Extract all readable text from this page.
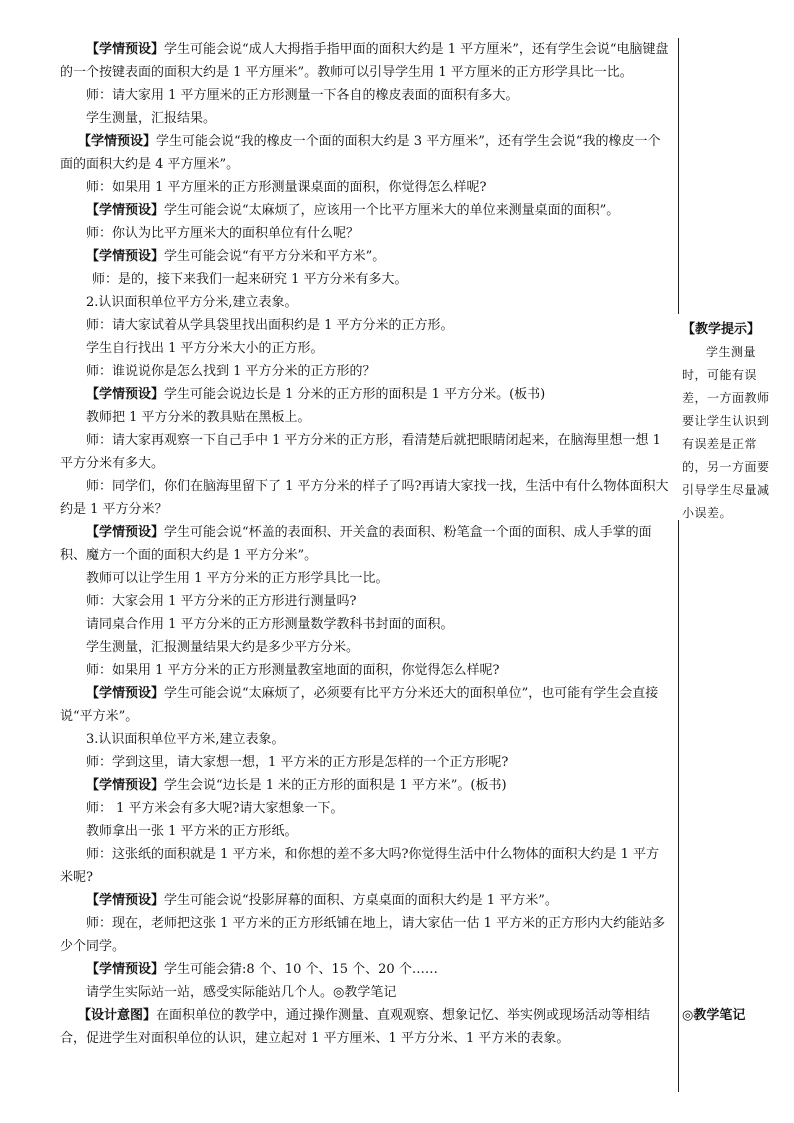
【学情预设】学生可能会说“成人大拇指手指甲面的面积大约是 1 平方厘米”，还有学生会说“电脑键盘的一个按键表面的面积大约是 1 平方厘米”。教师可以引导学生用 1 平方厘米的正方形学具比一比。

师：请大家用 1 平方厘米的正方形测量一下各自的橡皮表面的面积有多大。

学生测量，汇报结果。

【学情预设】学生可能会说“我的橡皮一个面的面积大约是 3 平方厘米”，还有学生会说“我的橡皮一个面的面积大约是 4 平方厘米”。

师：如果用 1 平方厘米的正方形测量课桌面的面积，你觉得怎么样呢?

【学情预设】学生可能会说“太麻烦了，应该用一个比平方厘米大的单位来测量桌面的面积”。

师：你认为比平方厘米大的面积单位有什么呢？

【学情预设】学生可能会说“有平方分米和平方米”。

师：是的，接下来我们一起来研究 1 平方分米有多大。

2.认识面积单位平方分米,建立表象。

师：请大家试着从学具袋里找出面积约是 1 平方分米的正方形。

学生自行找出 1 平方分米大小的正方形。

师：谁说说你是怎么找到 1 平方分米的正方形的？

【学情预设】学生可能会说边长是 1 分米的正方形的面积是 1 平方分米。(板书)

教师把 1 平方分米的教具贴在黑板上。

师：请大家再观察一下自己手中 1 平方分米的正方形，看清楚后就把眼睛闭起来，在脑海里想一想 1 平方分米有多大。

师：同学们，你们在脑海里留下了 1 平方分米的样子了吗?再请大家找一找，生活中有什么物体面积大约是 1 平方分米？

【学情预设】学生可能会说“杯盖的表面积、开关盒的表面积、粉笔盒一个面的面积、成人手掌的面积、魔方一个面的面积大约是 1 平方分米”。

教师可以让学生用 1 平方分米的正方形学具比一比。

师：大家会用 1 平方分米的正方形进行测量吗?

请同桌合作用 1 平方分米的正方形测量数学教科书封面的面积。

学生测量，汇报测量结果大约是多少平方分米。

师：如果用 1 平方分米的正方形测量教室地面的面积，你觉得怎么样呢?

【学情预设】学生可能会说“太麻烦了，必须要有比平方分米还大的面积单位”，也可能有学生会直接说“平方米”。

3.认识面积单位平方米,建立表象。

师：学到这里，请大家想一想，1 平方米的正方形是怎样的一个正方形呢?

【学情预设】学生会说“边长是 1 米的正方形的面积是 1 平方米”。(板书)

师： 1 平方米会有多大呢?请大家想象一下。

教师拿出一张 1 平方米的正方形纸。

师：这张纸的面积就是 1 平方米，和你想的差不多大吗?你觉得生活中什么物体的面积大约是 1 平方米呢?

【学情预设】学生可能会说“投影屏幕的面积、方桌桌面的面积大约是 1 平方米”。

师：现在，老师把这张 1 平方米的正方形纸铺在地上，请大家估一估 1 平方米的正方形内大约能站多少个同学。

【学情预设】学生可能会猜:8 个、10 个、15 个、20 个……

请学生实际站一站，感受实际能站几个人。◎教学笔记

【设计意图】在面积单位的教学中，通过操作测量、直观观察、想象记忆、举实例或现场活动等相结合，促进学生对面积单位的认识，建立起对 1 平方厘米、1 平方分米、1 平方米的表象。

【教学提示】

学生测量时，可能有误差，一方面教师要让学生认识到有误差是正常的，另一方面要引导学生尽量减小误差。

◎教学笔记
